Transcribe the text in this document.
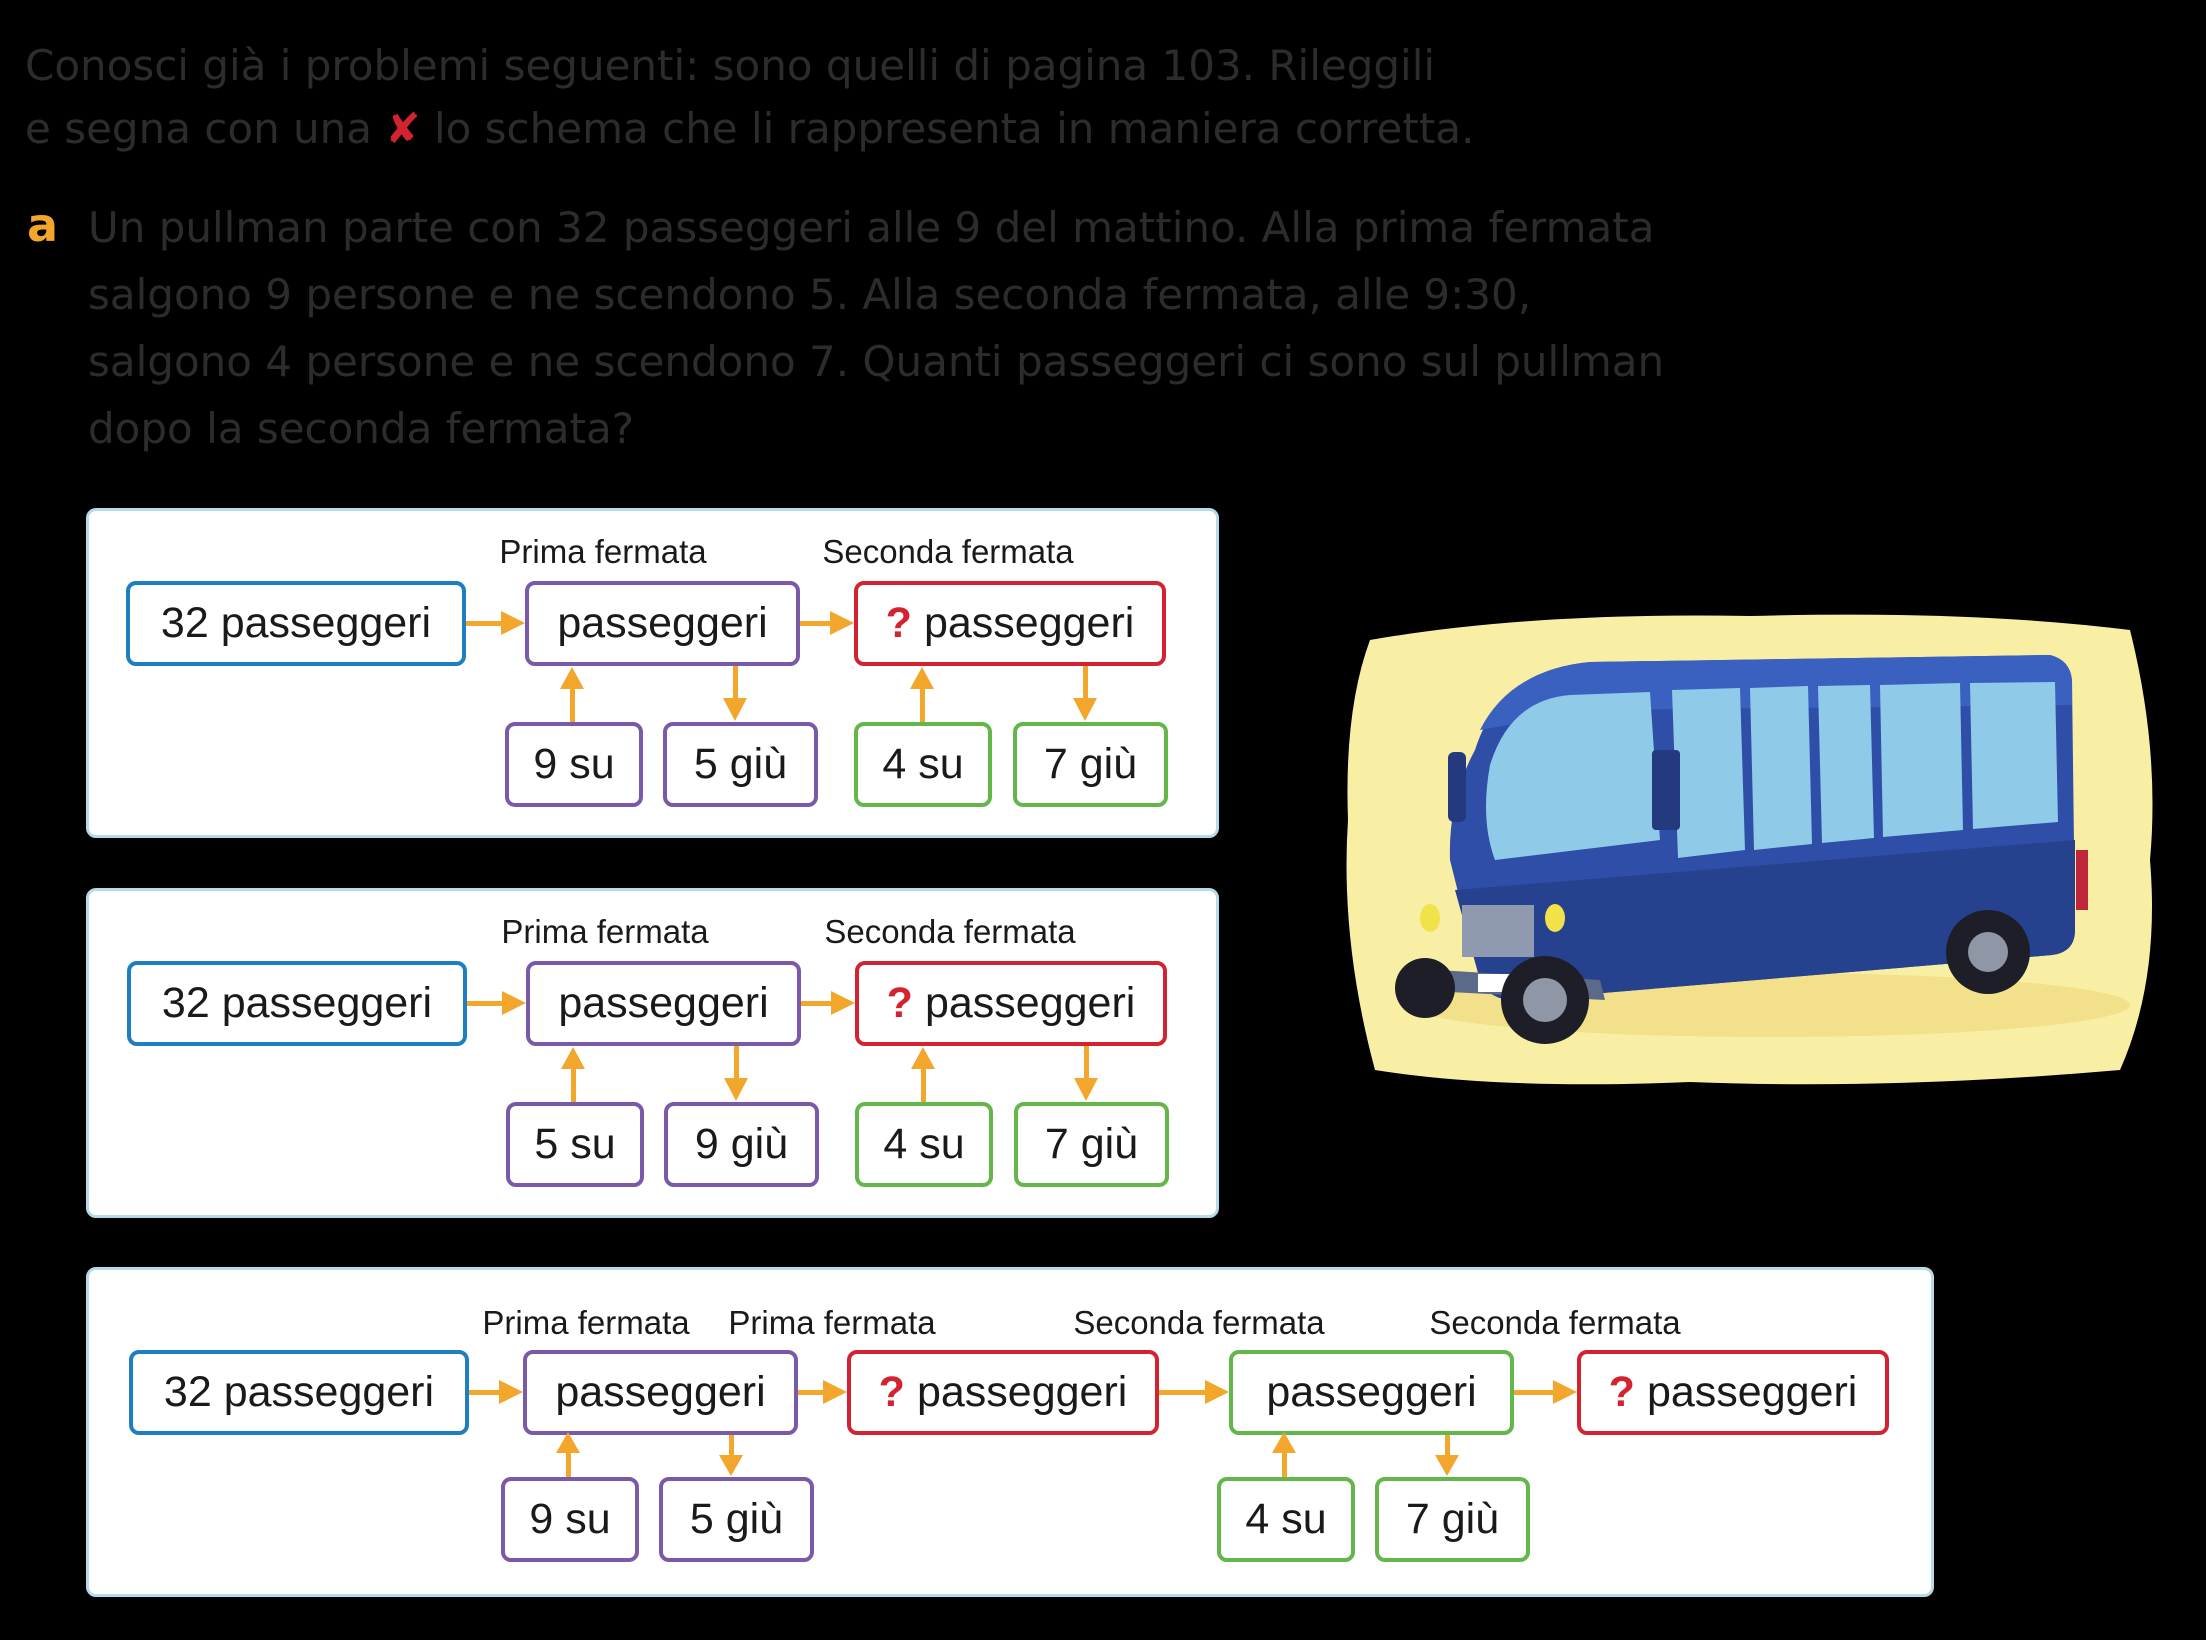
Conosci già i problemi seguenti: sono quelli di pagina 103. Rileggili
e segna con una ✘ lo schema che li rappresenta in maniera corretta.
a Un pullman parte con 32 passeggeri alle 9 del mattino. Alla prima fermata
salgono 9 persone e ne scendono 5. Alla seconda fermata, alle 9:30,
salgono 4 persone e ne scendono 7. Quanti passeggeri ci sono sul pullman
dopo la seconda fermata?
Prima fermata	Seconda fermata
32 passeggeri	passeggeri	? passeggeri
9 su	5 giù	4 su	7 giù
Prima fermata	Seconda fermata
32 passeggeri	passeggeri	? passeggeri
5 su	9 giù	4 su	7 giù
Prima fermata	Prima fermata	Seconda fermata	Seconda fermata
32 passeggeri	passeggeri	? passeggeri	passeggeri	? passeggeri
9 su	5 giù	4 su	7 giù
